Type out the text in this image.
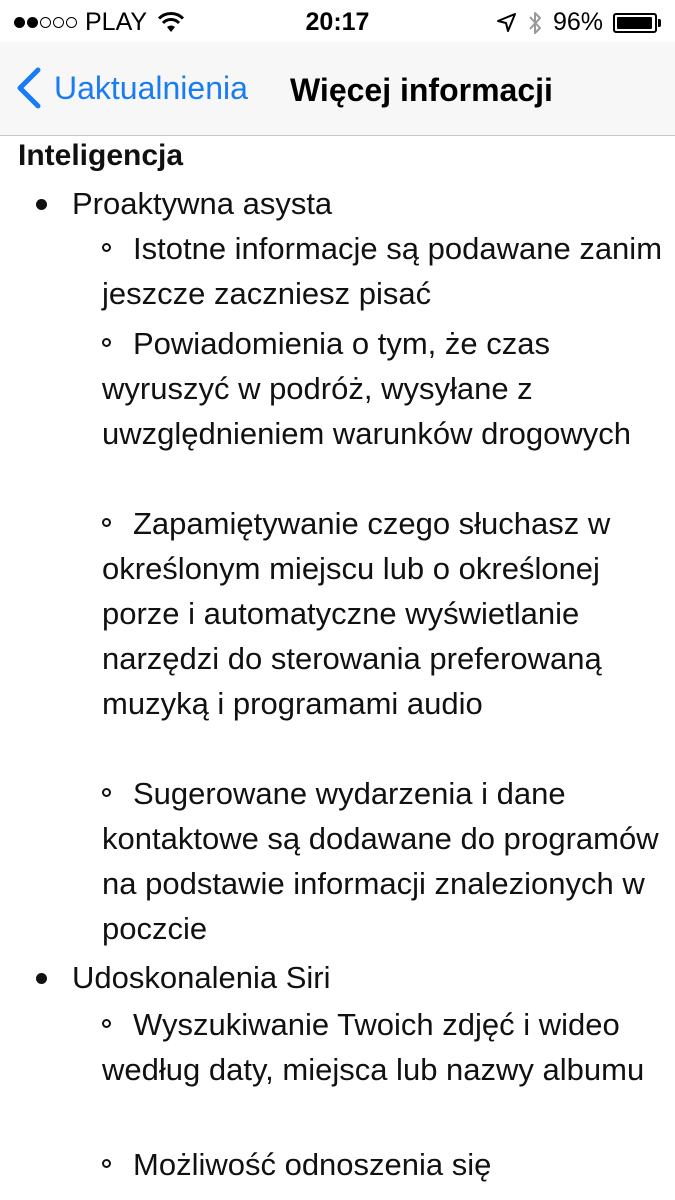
PLAY	20:17	96%
Uaktualnienia Więcej informacji
Inteligencja
Proaktywna asysta
Istotne informacje są podawane zanim jeszcze zaczniesz pisać
Powiadomienia o tym, że czas wyruszyć w podróż, wysyłane z uwzględnieniem warunków drogowych
Zapamiętywanie czego słuchasz w określonym miejscu lub o określonej porze i automatyczne wyświetlanie narzędzi do sterowania preferowaną muzyką i programami audio
Sugerowane wydarzenia i dane kontaktowe są dodawane do programów na podstawie informacji znalezionych w poczcie
Udoskonalenia Siri
Wyszukiwanie Twoich zdjęć i wideo według daty, miejsca lub nazwy albumu
Możliwość odnoszenia się
